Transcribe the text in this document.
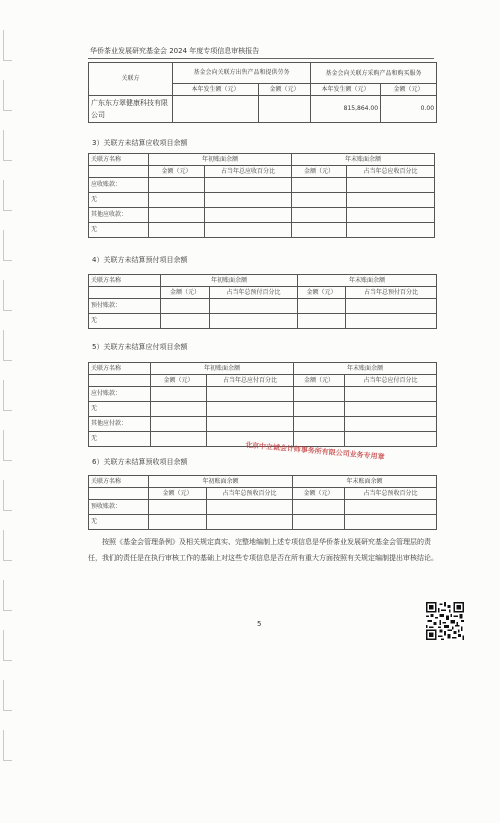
华侨茶业发展研究基金会 2024 年度专项信息审核报告
关联方	基金会向关联方出售产品和提供劳务		基金会向关联方采购产品和购买服务	
	本年发生额（元）	金额（元）	本年发生额（元）	金额（元）
广东东方翠健康科技有限公司			815,864.00	0.00
3）关联方未结算应收项目余额
关联方名称	年初账面余额		年末账面余额	
	金额（元）	占当年总应收百分比	金额（元）	占当年总应收百分比
应收账款：				
无				
其他应收款：				
无				
4）关联方未结算预付项目余额
关联方名称	年初账面余额		年末账面余额	
	金额（元）	占当年总预付百分比	金额（元）	占当年总预付百分比
预付账款：				
无				
5）关联方未结算应付项目余额
关联方名称	年初账面余额		年末账面余额	
	金额（元）	占当年总应付百分比	金额（元）	占当年总应付百分比
应付账款：				
无				
其他应付款：				
无				
北京中立诚会计师事务所有限公司业务专用章
6）关联方未结算预收项目余额
关联方名称	年初账面余额		年末账面余额	
	金额（元）	占当年总预收百分比	金额（元）	占当年总预收百分比
预收账款：				
无				

按照《基金会管理条例》及相关规定真实、完整地编制上述专项信息是华侨茶业发展研究基金会管理层的责任，我们的责任是在执行审核工作的基础上对这些专项信息是否在所有重大方面按照有关规定编制提出审核结论。

5
